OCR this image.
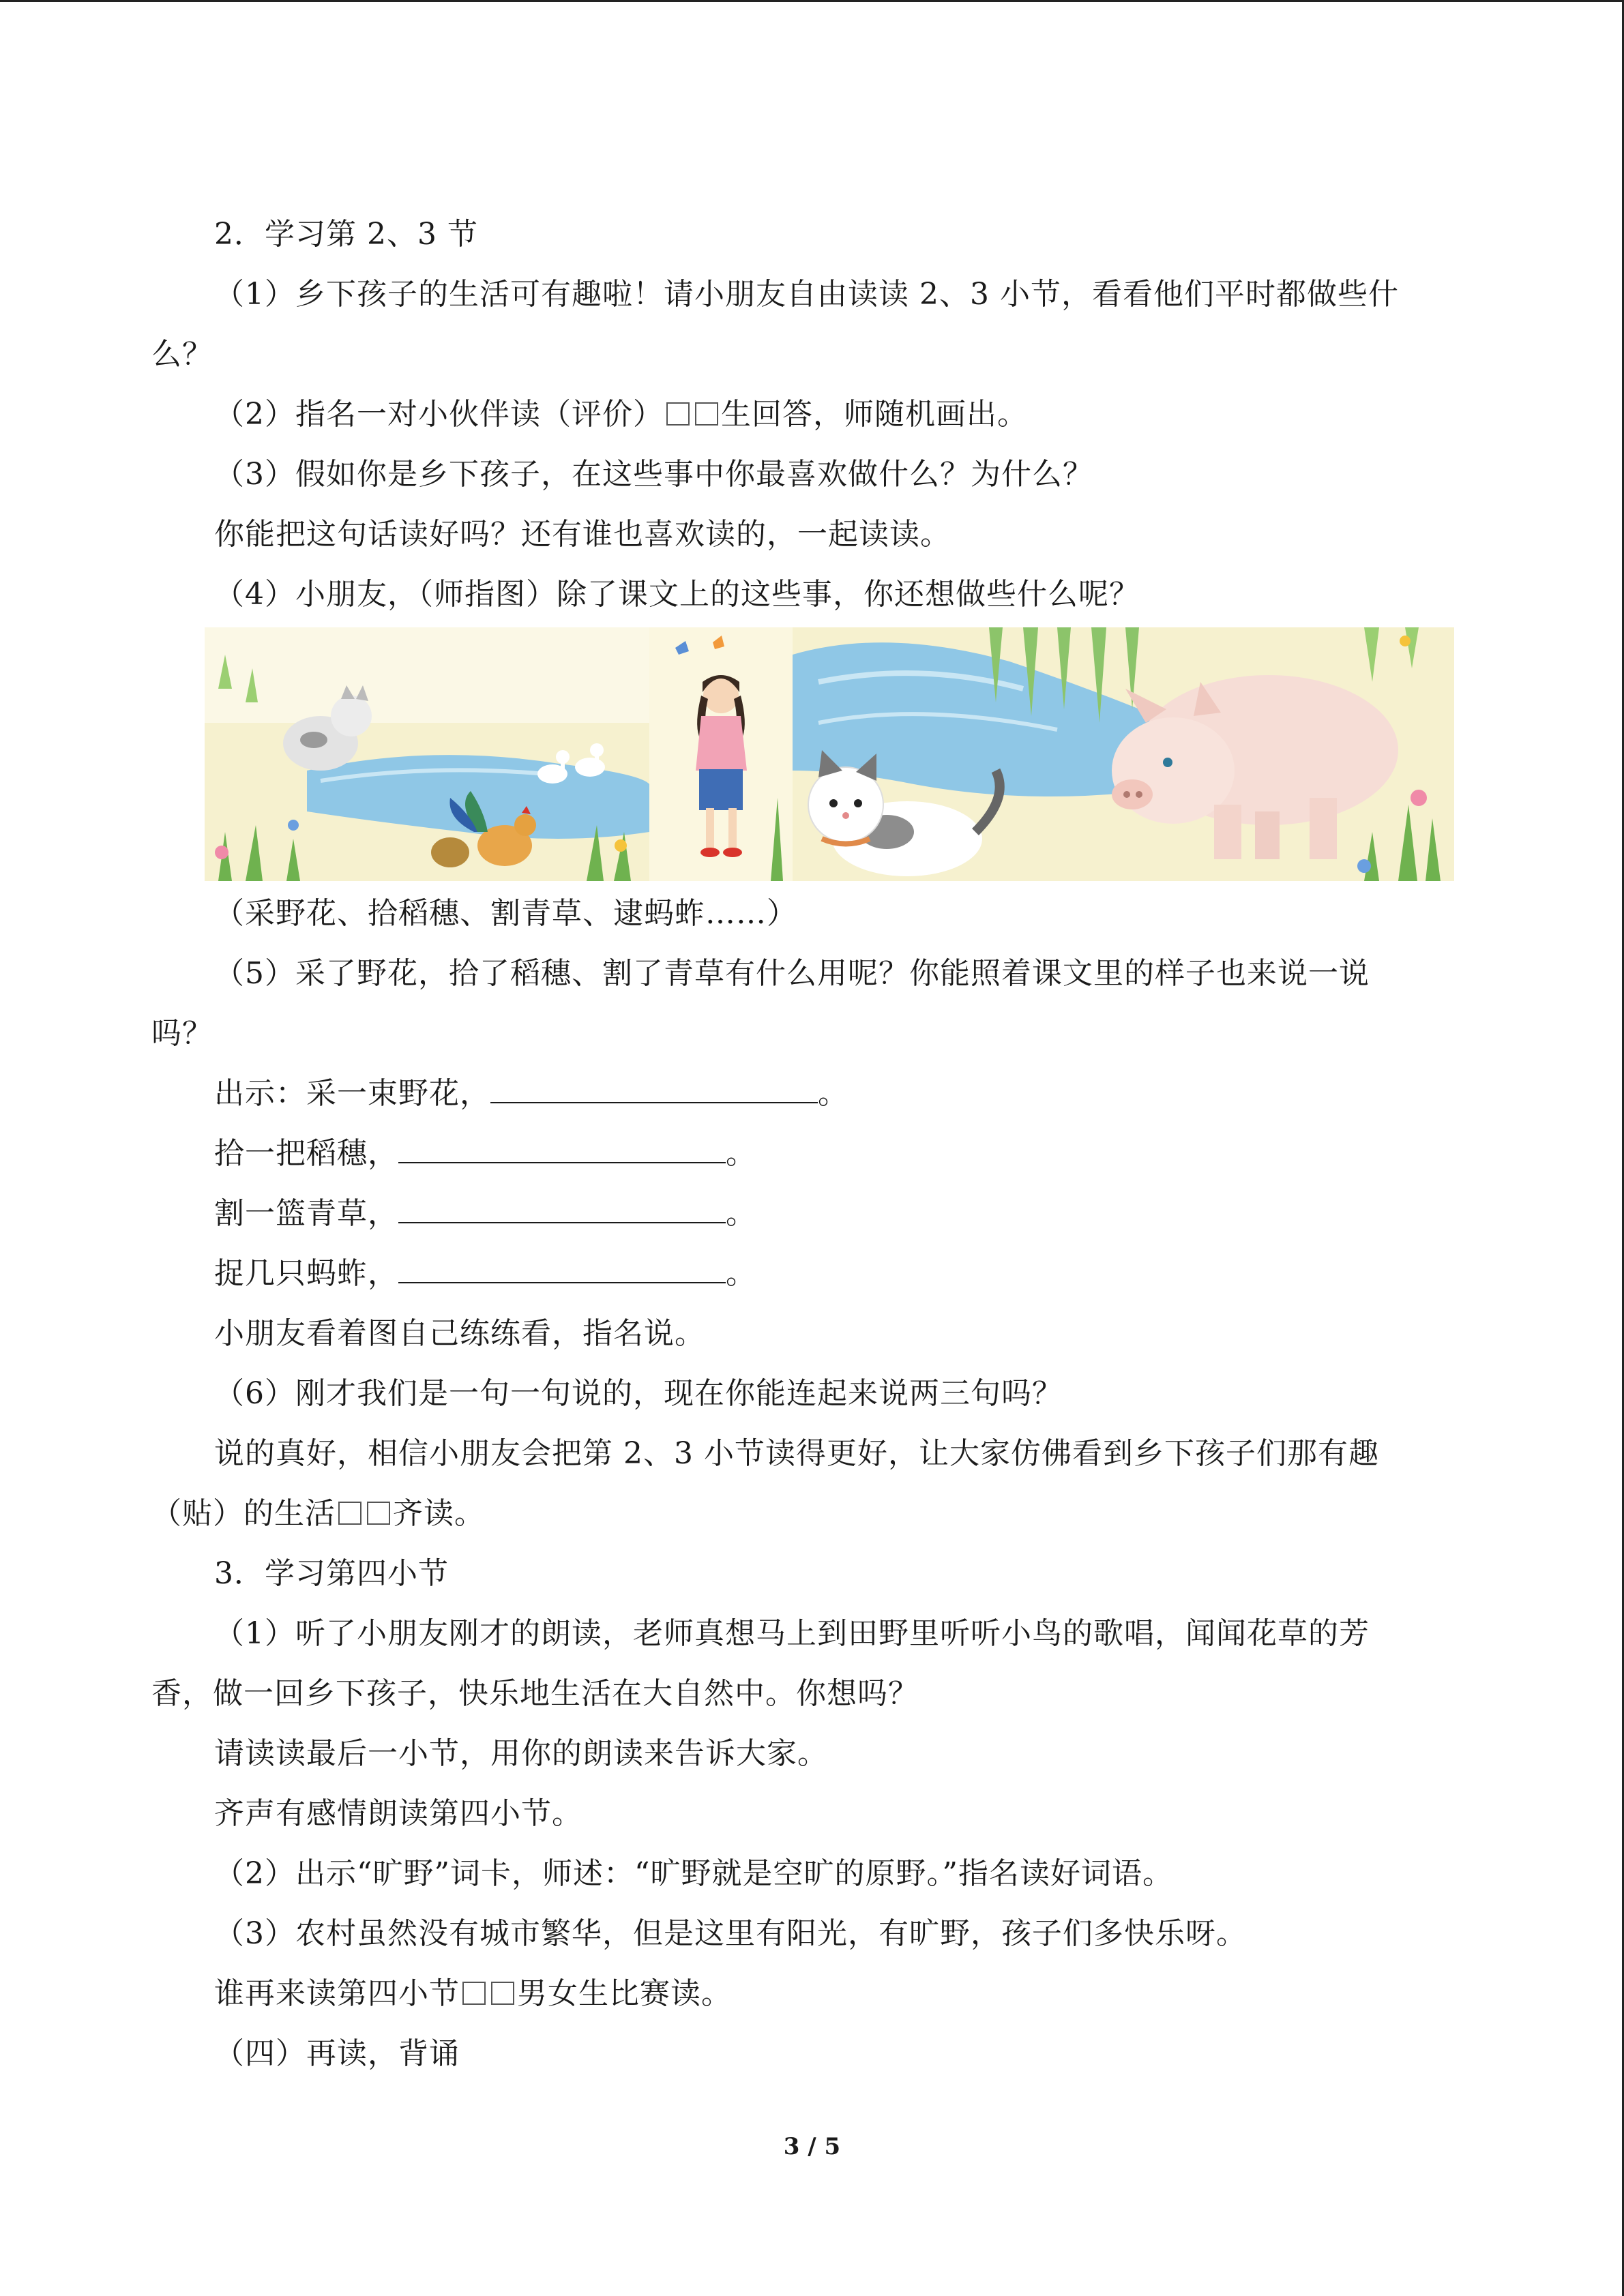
2．学习第 2、3 节
（1）乡下孩子的生活可有趣啦！请小朋友自由读读 2、3 小节，看看他们平时都做些什
么？
（2）指名一对小伙伴读（评价） 生回答，师随机画出。
（3）假如你是乡下孩子，在这些事中你最喜欢做什么？为什么？
你能把这句话读好吗？还有谁也喜欢读的，一起读读。
（4）小朋友，（师指图）除了课文上的这些事，你还想做些什么呢？
（采野花、拾稻穗、割青草、逮蚂蚱……）
（5）采了野花，拾了稻穗、割了青草有什么用呢？你能照着课文里的样子也来说一说
吗？
出示：采一束野花，	。
拾一把稻穗，	。
割一篮青草，	。
捉几只蚂蚱，	。
小朋友看着图自己练练看，指名说。
（6）刚才我们是一句一句说的，现在你能连起来说两三句吗？
说的真好，相信小朋友会把第 2、3 小节读得更好，让大家仿佛看到乡下孩子们那有趣
（贴）的生活 齐读。
3．学习第四小节
（1）听了小朋友刚才的朗读，老师真想马上到田野里听听小鸟的歌唱，闻闻花草的芳
香，做一回乡下孩子，快乐地生活在大自然中。你想吗？
请读读最后一小节，用你的朗读来告诉大家。
齐声有感情朗读第四小节。
（2）出示“旷野”词卡，师述：“旷野就是空旷的原野。”指名读好词语。
（3）农村虽然没有城市繁华，但是这里有阳光，有旷野，孩子们多快乐呀。
谁再来读第四小节 男女生比赛读。
（四）再读，背诵
3 / 5
